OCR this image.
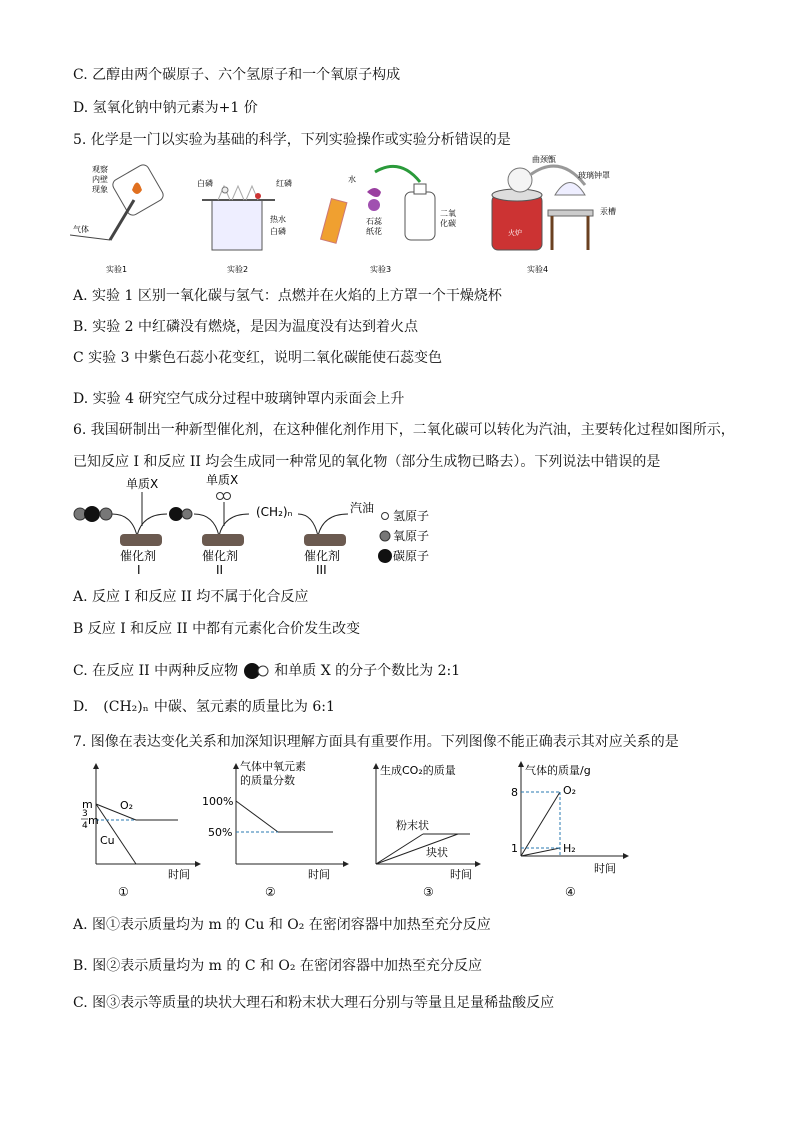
C. 乙醇由两个碳原子、六个氢原子和一个氧原子构成
D. 氢氧化钠中钠元素为+1 价
5. 化学是一门以实验为基础的科学，下列实验操作或实验分析错误的是
观察
内壁
现象
气体
实验1
白磷	红磷
热水
白磷
实验2
水
石蕊
纸花
二氧
化碳
实验3
火炉
曲颈甑
玻璃钟罩
汞槽
实验4
A. 实验 1 区别一氧化碳与氢气：点燃并在火焰的上方罩一个干燥烧杯
B. 实验 2 中红磷没有燃烧，是因为温度没有达到着火点
C 实验 3 中紫色石蕊小花变红，说明二氧化碳能使石蕊变色
D. 实验 4 研究空气成分过程中玻璃钟罩内汞面会上升
6. 我国研制出一种新型催化剂，在这种催化剂作用下，二氧化碳可以转化为汽油，主要转化过程如图所示，
已知反应 I 和反应 II 均会生成同一种常见的氧化物（部分生成物已略去）。下列说法中错误的是
单质X
催化剂
I
单质X
催化剂
II
(CH₂)ₙ	汽油
催化剂
III
氢原子
氧原子
碳原子
A. 反应 I 和反应 II 均不属于化合反应
B 反应 I 和反应 II 中都有元素化合价发生改变
C. 在反应 II 中两种反应物	和单质 X 的分子个数比为 2:1
D. (CH₂)ₙ 中碳、氢元素的质量比为 6:1
7. 图像在表达变化关系和加深知识理解方面具有重要作用。下列图像不能正确表示其对应关系的是
m
3
4 m
O₂
Cu
时间
①
气体中氧元素
的质量分数
100%
50%
时间
②
生成CO₂的质量
粉末状
块状
时间
③
气体的质量/g
8
1
O₂
H₂
时间
④
A. 图①表示质量均为 m 的 Cu 和 O₂ 在密闭容器中加热至充分反应
B. 图②表示质量均为 m 的 C 和 O₂ 在密闭容器中加热至充分反应
C. 图③表示等质量的块状大理石和粉末状大理石分别与等量且足量稀盐酸反应
